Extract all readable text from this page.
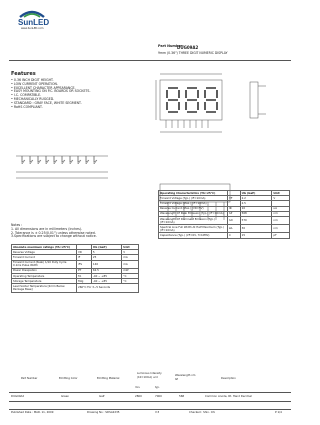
SunLED
www.SunLED.com
Part Number:
DUG09A2
9mm (0.36") THREE DIGIT NUMERIC DISPLAY
Features
• 0.36 INCH DIGIT HEIGHT.
• LOW CURRENT OPERATION.
• EXCELLENT CHARACTER APPEARANCE.
• EASY MOUNTING ON P.C. BOARDS OR SOCKETS.
• I.C. COMPATIBLE.
• MECHANICALLY RUGGED.
• STANDARD : GRAY FACE, WHITE SEGMENT.
• RoHS COMPLIANT.
Notes :
1. All dimensions are in millimeters (inches).
2. Tolerance is ± 0.25(0.01") unless otherwise noted.
3.Specifications are subject to change without notice.
Absolute maximum ratings (TA=25°C)		UG (GaP)	Unit
Reverse Voltage	VR	5	V
Forward Current	IF	25	mA
Forward Current (Peak) 1/10 Duty Cycle 0.1ms Pulse Width	iFS	140	mA
Power Dissipation	PT	62.5	mW
Operating Temperature	TA	-40 ~ +85	°C
Storage Temperature	Tstg	-40 ~ +85	°C
Lead Solder Temperature [2mm Below Package Base]	260°C For 3~5 Seconds		
Operating Characteristics (TA=25°C)		UG (GaP)	Unit
Forward Voltage (Typ.) (IF=10mA)	VF	2.2	V
Forward Voltage (Max.) (IF=10mA)		2.5	
Reverse Current (Max.) (VR=5V)	IR	10	uA
Wavelength Of Peak Emission (Typ.) (IF=10mA)	λP	568	nm
Wavelength Of Dominant Emission (Typ.) (IF=10mA)	λD	570	nm
Spectral Line Full Width At Half Maximum (Typ.) (IF=10mA)	Δλ	30	nm
Capacitance (Typ.) (VF=0V, f=1MHz)	C	15	pF
Part Number	Emitting Color	Emitting Material
Luminous Intensity (10=10mA) ucd
Wavelength nm λP	Description
min.	typ.
DUG09A2	Green	GaP	2800	7000	568	Common Anode, Rt. Hand Decimal
Published Date : MAR. 11, 2009	Drawing No : SDSA2235	V:3	Checked : Shin. Chi	P 1/4
